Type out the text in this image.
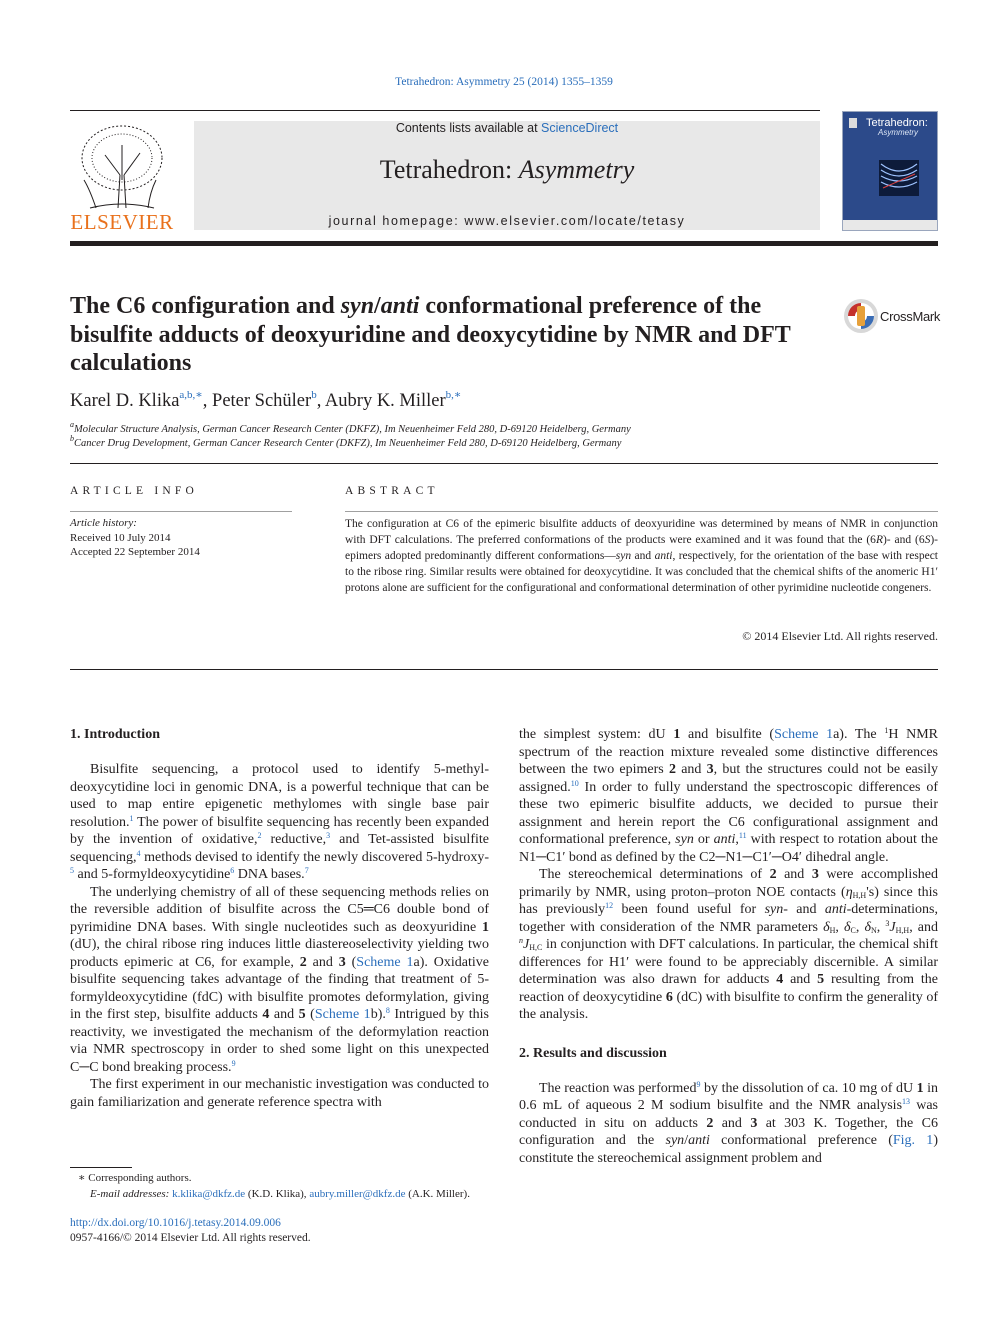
Tetrahedron: Asymmetry 25 (2014) 1355–1359
ELSEVIER
Contents lists available at ScienceDirect
Tetrahedron: Asymmetry
journal homepage: www.elsevier.com/locate/tetasy
Tetrahedron:
Asymmetry
The C6 configuration and syn/anti conformational preference of the bisulfite adducts of deoxyuridine and deoxycytidine by NMR and DFT calculations
CrossMark
Karel D. Klika$^{a,b,∗}$, Peter Schüler$^b$, Aubry K. Miller$^{b,∗}$
$^a$Molecular Structure Analysis, German Cancer Research Center (DKFZ), Im Neuenheimer Feld 280, D-69120 Heidelberg, Germany
$^b$Cancer Drug Development, German Cancer Research Center (DKFZ), Im Neuenheimer Feld 280, D-69120 Heidelberg, Germany
ARTICLE INFO	ABSTRACT
Article history:
Received 10 July 2014
Accepted 22 September 2014
The configuration at C6 of the epimeric bisulfite adducts of deoxyuridine was determined by means of NMR in conjunction with DFT calculations. The preferred conformations of the products were examined and it was found that the (6R)- and (6S)-epimers adopted predominantly different conformations—syn and anti, respectively, for the orientation of the base with respect to the ribose ring. Similar results were obtained for deoxycytidine. It was concluded that the chemical shifts of the anomeric H1′ protons alone are sufficient for the configurational and conformational determination of other pyrimidine nucleotide congeners.
© 2014 Elsevier Ltd. All rights reserved.
1. Introduction

Bisulfite sequencing, a protocol used to identify 5-methyldeoxycytidine loci in genomic DNA, is a powerful technique that can be used to map entire epigenetic methylomes with single base pair resolution.$^1$ The power of bisulfite sequencing has recently been expanded by the invention of oxidative,$^2$ reductive,$^3$ and Tet-assisted bisulfite sequencing,$^4$ methods devised to identify the newly discovered 5-hydroxy-$^5$ and 5-formyldeoxycytidine$^6$ DNA bases.$^7$

The underlying chemistry of all of these sequencing methods relies on the reversible addition of bisulfite across the C5═C6 double bond of pyrimidine DNA bases. With single nucleotides such as deoxyuridine 1 (dU), the chiral ribose ring induces little diastereoselectivity yielding two products epimeric at C6, for example, 2 and 3 (Scheme 1a). Oxidative bisulfite sequencing takes advantage of the finding that treatment of 5-formyldeoxycytidine (fdC) with bisulfite promotes deformylation, giving in the first step, bisulfite adducts 4 and 5 (Scheme 1b).$^8$ Intrigued by this reactivity, we investigated the mechanism of the deformylation reaction via NMR spectroscopy in order to shed some light on this unexpected C─C bond breaking process.$^9$

The first experiment in our mechanistic investigation was conducted to gain familiarization and generate reference spectra with

the simplest system: dU 1 and bisulfite (Scheme 1a). The $^1$H NMR spectrum of the reaction mixture revealed some distinctive differences between the two epimers 2 and 3, but the structures could not be easily assigned.$^{10}$ In order to fully understand the spectroscopic differences of these two epimeric bisulfite adducts, we decided to pursue their assignment and herein report the C6 configurational assignment and conformational preference, syn or anti,$^{11}$ with respect to rotation about the N1─C1′ bond as defined by the C2─N1─C1′─O4′ dihedral angle.

The stereochemical determinations of 2 and 3 were accomplished primarily by NMR, using proton–proton NOE contacts $(\eta_{H,H}'s)$ since this has previously$^{12}$ been found useful for syn- and anti-determinations, together with consideration of the NMR parameters $\delta_H$, $\delta_C$, $\delta_N$, $^3J_{H,H}$, and $^nJ_{H,C}$ in conjunction with DFT calculations. In particular, the chemical shift differences for H1′ were found to be appreciably discernible. A similar determination was also drawn for adducts 4 and 5 resulting from the reaction of deoxycytidine 6 (dC) with bisulfite to confirm the generality of the analysis.

2. Results and discussion

The reaction was performed$^9$ by the dissolution of ca. 10 mg of dU 1 in 0.6 mL of aqueous 2 M sodium bisulfite and the NMR analysis$^{13}$ was conducted in situ on adducts 2 and 3 at 303 K. Together, the C6 configuration and the syn/anti conformational preference (Fig. 1) constitute the stereochemical assignment problem and

∗ Corresponding authors.
E-mail addresses: k.klika@dkfz.de (K.D. Klika), aubry.miller@dkfz.de (A.K. Miller).
http://dx.doi.org/10.1016/j.tetasy.2014.09.006
0957-4166/© 2014 Elsevier Ltd. All rights reserved.
